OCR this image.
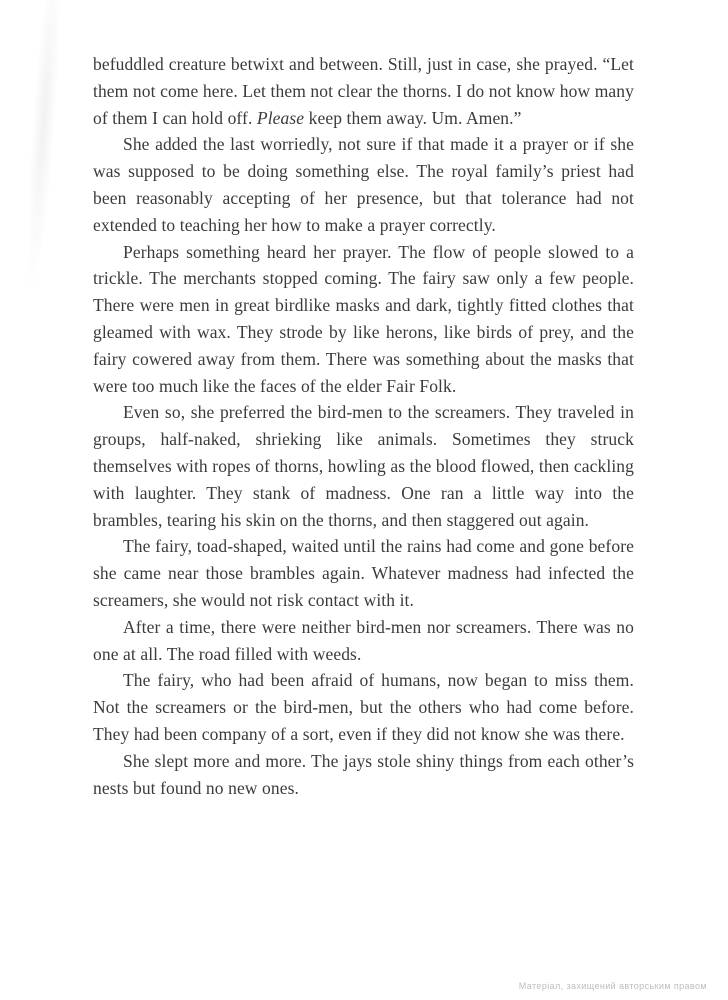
befuddled creature betwixt and between. Still, just in case, she prayed. “Let them not come here. Let them not clear the thorns. I do not know how many of them I can hold off. Please keep them away. Um. Amen.”

She added the last worriedly, not sure if that made it a prayer or if she was supposed to be doing something else. The royal family’s priest had been reasonably accepting of her presence, but that tolerance had not extended to teaching her how to make a prayer correctly.

Perhaps something heard her prayer. The flow of people slowed to a trickle. The merchants stopped coming. The fairy saw only a few people. There were men in great birdlike masks and dark, tightly fitted clothes that gleamed with wax. They strode by like herons, like birds of prey, and the fairy cowered away from them. There was something about the masks that were too much like the faces of the elder Fair Folk.

Even so, she preferred the bird-men to the screamers. They traveled in groups, half-naked, shrieking like animals. Sometimes they struck themselves with ropes of thorns, howling as the blood flowed, then cackling with laughter. They stank of madness. One ran a little way into the brambles, tearing his skin on the thorns, and then staggered out again.

The fairy, toad-shaped, waited until the rains had come and gone before she came near those brambles again. Whatever madness had infected the screamers, she would not risk contact with it.

After a time, there were neither bird-men nor screamers. There was no one at all. The road filled with weeds.

The fairy, who had been afraid of humans, now began to miss them. Not the screamers or the bird-men, but the others who had come before. They had been company of a sort, even if they did not know she was there.

She slept more and more. The jays stole shiny things from each other’s nests but found no new ones.

Матеріал, захищений авторським правом
